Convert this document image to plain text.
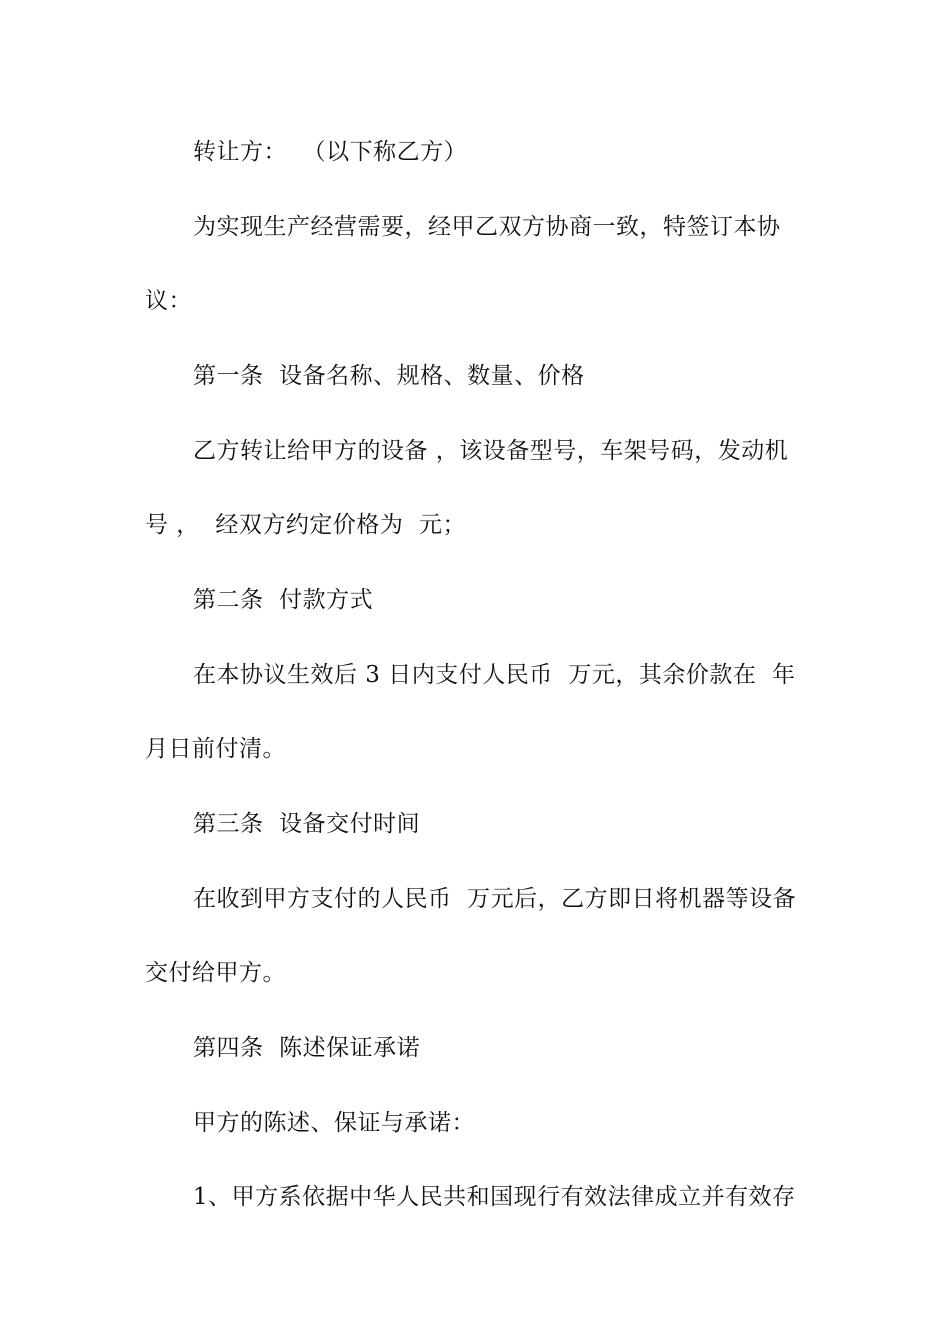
转让方：  （以下称乙方）
为实现生产经营需要，经甲乙双方协商一致，特签订本协
议：
第一条  设备名称、规格、数量、价格
乙方转让给甲方的设备 ，该设备型号，车架号码，发动机
号 ，  经双方约定价格为  元；
第二条  付款方式
在本协议生效后 3 日内支付人民币  万元，其余价款在  年
月日前付清。
第三条  设备交付时间
在收到甲方支付的人民币  万元后，乙方即日将机器等设备
交付给甲方。
第四条  陈述保证承诺
甲方的陈述、保证与承诺：
1、甲方系依据中华人民共和国现行有效法律成立并有效存
